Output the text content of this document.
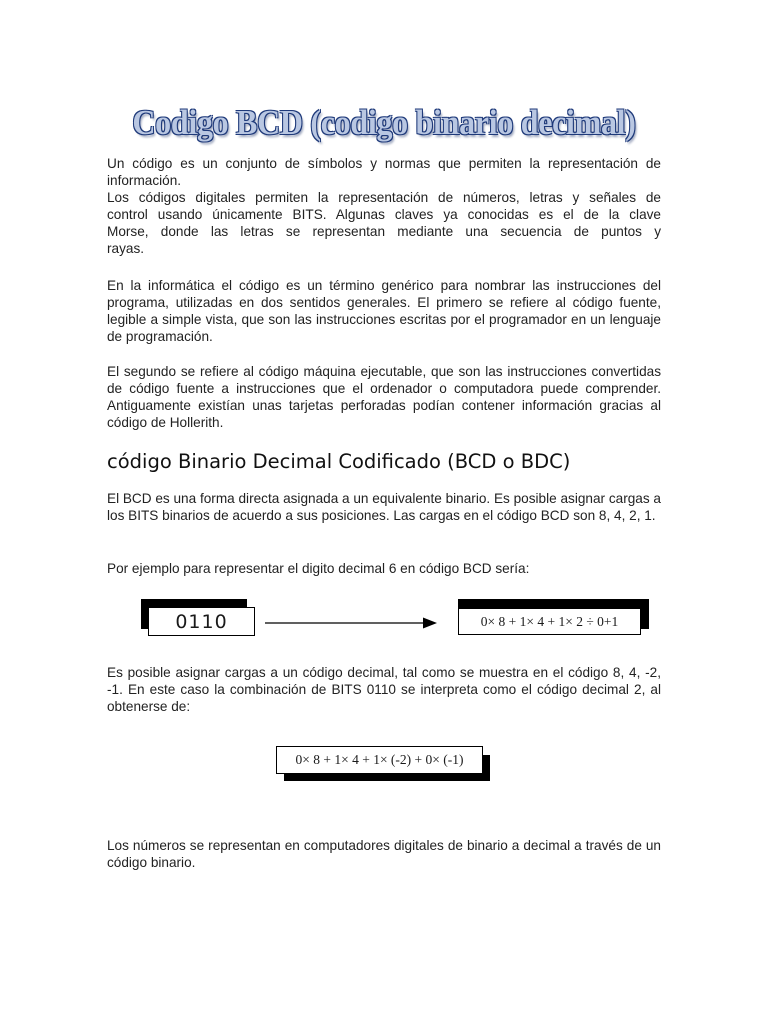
Codigo BCD (codigo binario decimal)
Un código es un conjunto de símbolos y normas que permiten la representación de
información.
Los códigos digitales permiten la representación de números, letras y señales de
control usando únicamente BITS. Algunas claves ya conocidas es el de la clave
Morse, donde las letras se representan mediante una secuencia de puntos y
rayas.

En la informática el código es un término genérico para nombrar las instrucciones del programa, utilizadas en dos sentidos generales. El primero se refiere al código fuente, legible a simple vista, que son las instrucciones escritas por el programador en un lenguaje de programación.

El segundo se refiere al código máquina ejecutable, que son las instrucciones convertidas de código fuente a instrucciones que el ordenador o computadora puede comprender. Antiguamente existían unas tarjetas perforadas podían contener información gracias al código de Hollerith.

código Binario Decimal Codificado (BCD o BDC)

El BCD es una forma directa asignada a un equivalente binario. Es posible asignar cargas a los BITS binarios de acuerdo a sus posiciones. Las cargas en el código BCD son 8, 4, 2, 1.

Por ejemplo para representar el digito decimal 6 en código BCD sería:

0110	0× 8 + 1× 4 + 1× 2 ÷ 0+1

Es posible asignar cargas a un código decimal, tal como se muestra en el código 8, 4, -2, -1. En este caso la combinación de BITS 0110 se interpreta como el código decimal 2, al obtenerse de:

0× 8 + 1× 4 + 1× (-2) + 0× (-1)

Los números se representan en computadores digitales de binario a decimal a través de un código binario.
